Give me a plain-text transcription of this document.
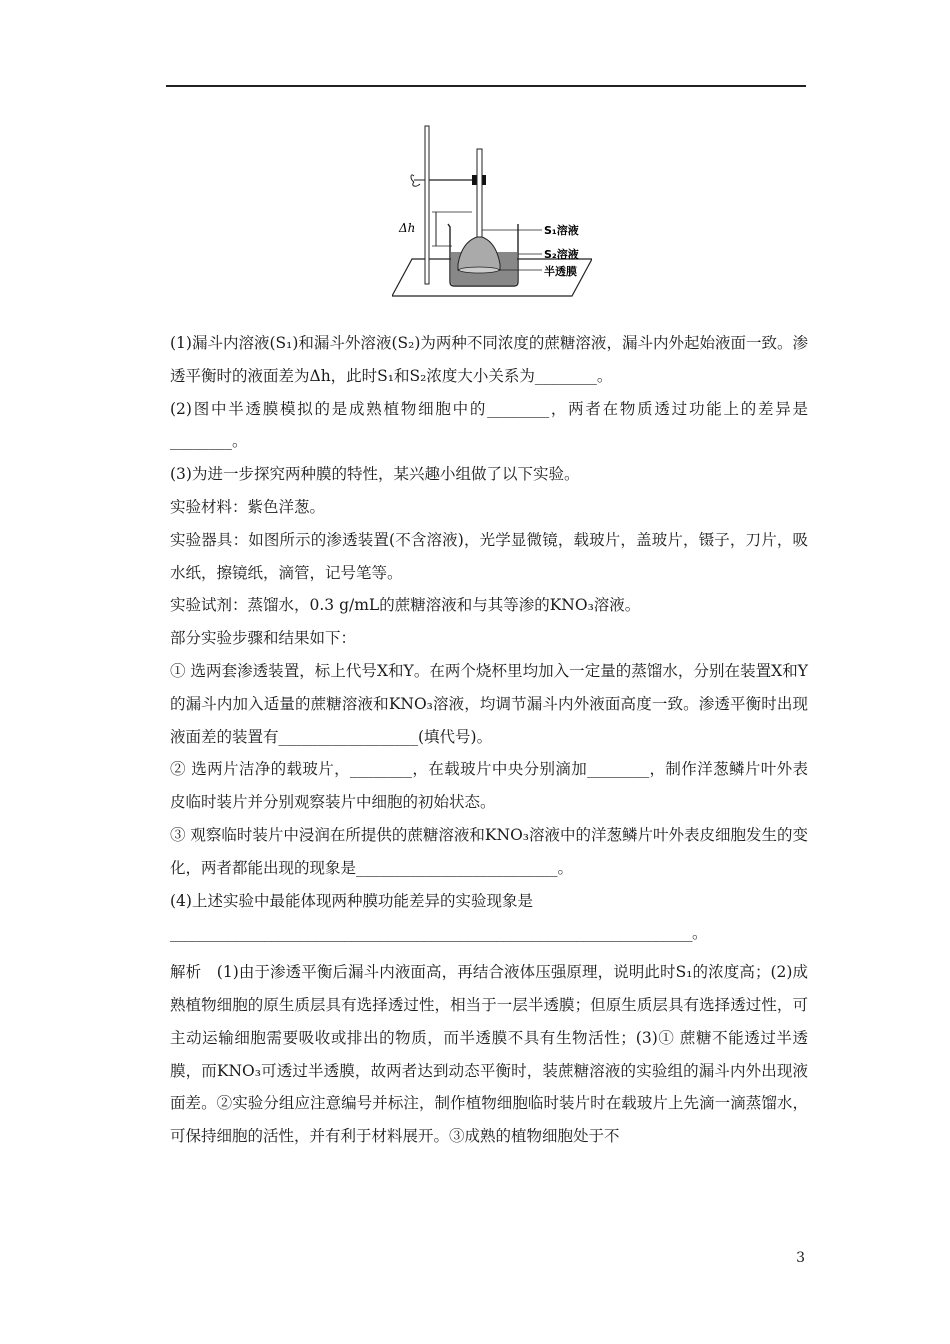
Δh	S₁溶液
S₂溶液
半透膜

(1)漏斗内溶液(S₁)和漏斗外溶液(S₂)为两种不同浓度的蔗糖溶液，漏斗内外起始液面一致。渗透平衡时的液面差为Δh，此时S₁和S₂浓度大小关系为________。

(2)图中半透膜模拟的是成熟植物细胞中的________，两者在物质透过功能上的差异是________。

(3)为进一步探究两种膜的特性，某兴趣小组做了以下实验。

实验材料：紫色洋葱。

实验器具：如图所示的渗透装置(不含溶液)，光学显微镜，载玻片，盖玻片，镊子，刀片，吸水纸，擦镜纸，滴管，记号笔等。

实验试剂：蒸馏水，0.3 g/mL的蔗糖溶液和与其等渗的KNO₃溶液。

部分实验步骤和结果如下：

① 选两套渗透装置，标上代号X和Y。在两个烧杯里均加入一定量的蒸馏水，分别在装置X和Y的漏斗内加入适量的蔗糖溶液和KNO₃溶液，均调节漏斗内外液面高度一致。渗透平衡时出现液面差的装置有__________________(填代号)。

② 选两片洁净的载玻片，________，在载玻片中央分别滴加________，制作洋葱鳞片叶外表皮临时装片并分别观察装片中细胞的初始状态。

③ 观察临时装片中浸润在所提供的蔗糖溶液和KNO₃溶液中的洋葱鳞片叶外表皮细胞发生的变化，两者都能出现的现象是__________________________。

(4)上述实验中最能体现两种膜功能差异的实验现象是

________________________________________________________________________。

解析　(1)由于渗透平衡后漏斗内液面高，再结合液体压强原理，说明此时S₁的浓度高；(2)成熟植物细胞的原生质层具有选择透过性，相当于一层半透膜；但原生质层具有选择透过性，可主动运输细胞需要吸收或排出的物质，而半透膜不具有生物活性；(3)① 蔗糖不能透过半透膜，而KNO₃可透过半透膜，故两者达到动态平衡时，装蔗糖溶液的实验组的漏斗内外出现液面差。②实验分组应注意编号并标注，制作植物细胞临时装片时在载玻片上先滴一滴蒸馏水，可保持细胞的活性，并有利于材料展开。③成熟的植物细胞处于不

3
